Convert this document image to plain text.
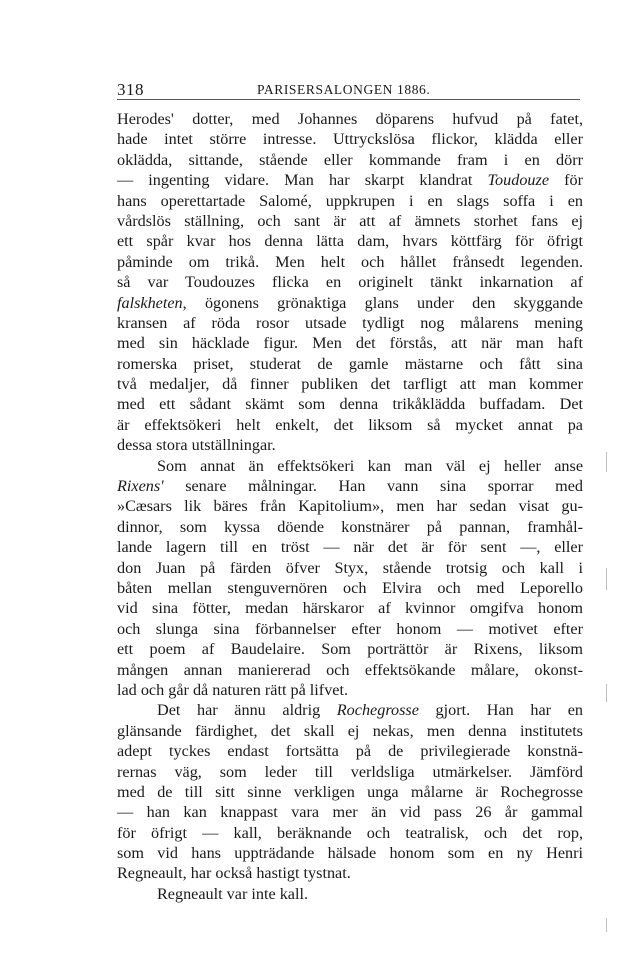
318	PARISERSALONGEN 1886.
Herodes' dotter, med Johannes döparens hufvud på fatet,
hade intet större intresse. Uttryckslösa flickor, klädda eller
oklädda, sittande, stående eller kommande fram i en dörr
— ingenting vidare. Man har skarpt klandrat Toudouze för
hans operettartade Salomé, uppkrupen i en slags soffa i en
vårdslös ställning, och sant är att af ämnets storhet fans ej
ett spår kvar hos denna lätta dam, hvars köttfärg för öfrigt
påminde om trikå. Men helt och hållet frånsedt legenden.
så var Toudouzes flicka en originelt tänkt inkarnation af
falskheten, ögonens grönaktiga glans under den skyggande
kransen af röda rosor utsade tydligt nog målarens mening
med sin häcklade figur. Men det förstås, att när man haft
romerska priset, studerat de gamle mästarne och fått sina
två medaljer, då finner publiken det tarfligt att man kommer
med ett sådant skämt som denna trikåklädda buffadam. Det
är effektsökeri helt enkelt, det liksom så mycket annat pa
dessa stora utställningar.
Som annat än effektsökeri kan man väl ej heller anse
Rixens' senare målningar. Han vann sina sporrar med
»Cæsars lik bäres från Kapitolium», men har sedan visat gu-
dinnor, som kyssa döende konstnärer på pannan, framhål-
lande lagern till en tröst — när det är för sent —, eller
don Juan på färden öfver Styx, stående trotsig och kall i
båten mellan stenguvernören och Elvira och med Leporello
vid sina fötter, medan härskaror af kvinnor omgifva honom
och slunga sina förbannelser efter honom — motivet efter
ett poem af Baudelaire. Som porträttör är Rixens, liksom
mången annan maniererad och effektsökande målare, okonst-
lad och går då naturen rätt på lifvet.
Det har ännu aldrig Rochegrosse gjort. Han har en
glänsande färdighet, det skall ej nekas, men denna institutets
adept tyckes endast fortsätta på de privilegierade konstnä-
rernas väg, som leder till verldsliga utmärkelser. Jämförd
med de till sitt sinne verkligen unga målarne är Rochegrosse
— han kan knappast vara mer än vid pass 26 år gammal
för öfrigt — kall, beräknande och teatralisk, och det rop,
som vid hans uppträdande hälsade honom som en ny Henri
Regneault, har också hastigt tystnat.
Regneault var inte kall.
